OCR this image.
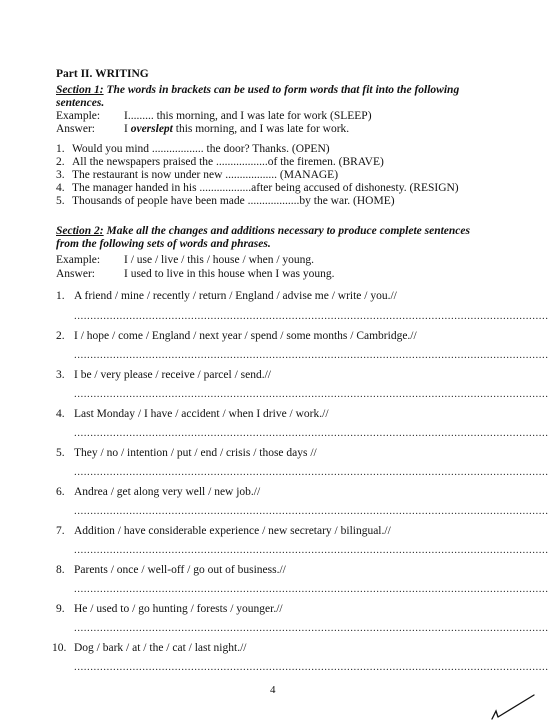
Part II. WRITING
Section 1: The words in brackets can be used to form words that fit into the following
sentences.
Example: I......... this morning, and I was late for work (SLEEP)
Answer:	I overslept this morning, and I was late for work.
1. Would you mind .................. the door? Thanks. (OPEN)
2. All the newspapers praised the ..................of the firemen. (BRAVE)
3. The restaurant is now under new .................. (MANAGE)
4. The manager handed in his ..................after being accused of dishonesty. (RESIGN)
5. Thousands of people have been made ..................by the war. (HOME)
Section 2: Make all the changes and additions necessary to produce complete sentences
from the following sets of words and phrases.
Example: I / use / live / this / house / when / young.
Answer:	I used to live in this house when I was young.
1. A friend / mine / recently / return / England / advise me / write / you.//
..................................................................................................................................................
2. I / hope / come / England / next year / spend / some months / Cambridge.//
..................................................................................................................................................
3. I be / very please / receive / parcel / send.//
..................................................................................................................................................
4. Last Monday / I have / accident / when I drive / work.//
..................................................................................................................................................
5. They / no / intention / put / end / crisis / those days //
..................................................................................................................................................
6. Andrea / get along very well / new job.//
..................................................................................................................................................
7. Addition / have considerable experience / new secretary / bilingual.//
..................................................................................................................................................
8. Parents / once / well-off / go out of business.//
..................................................................................................................................................
9. He / used to / go hunting / forests / younger.//
..................................................................................................................................................
10. Dog / bark / at / the / cat / last night.//
..................................................................................................................................................
4
